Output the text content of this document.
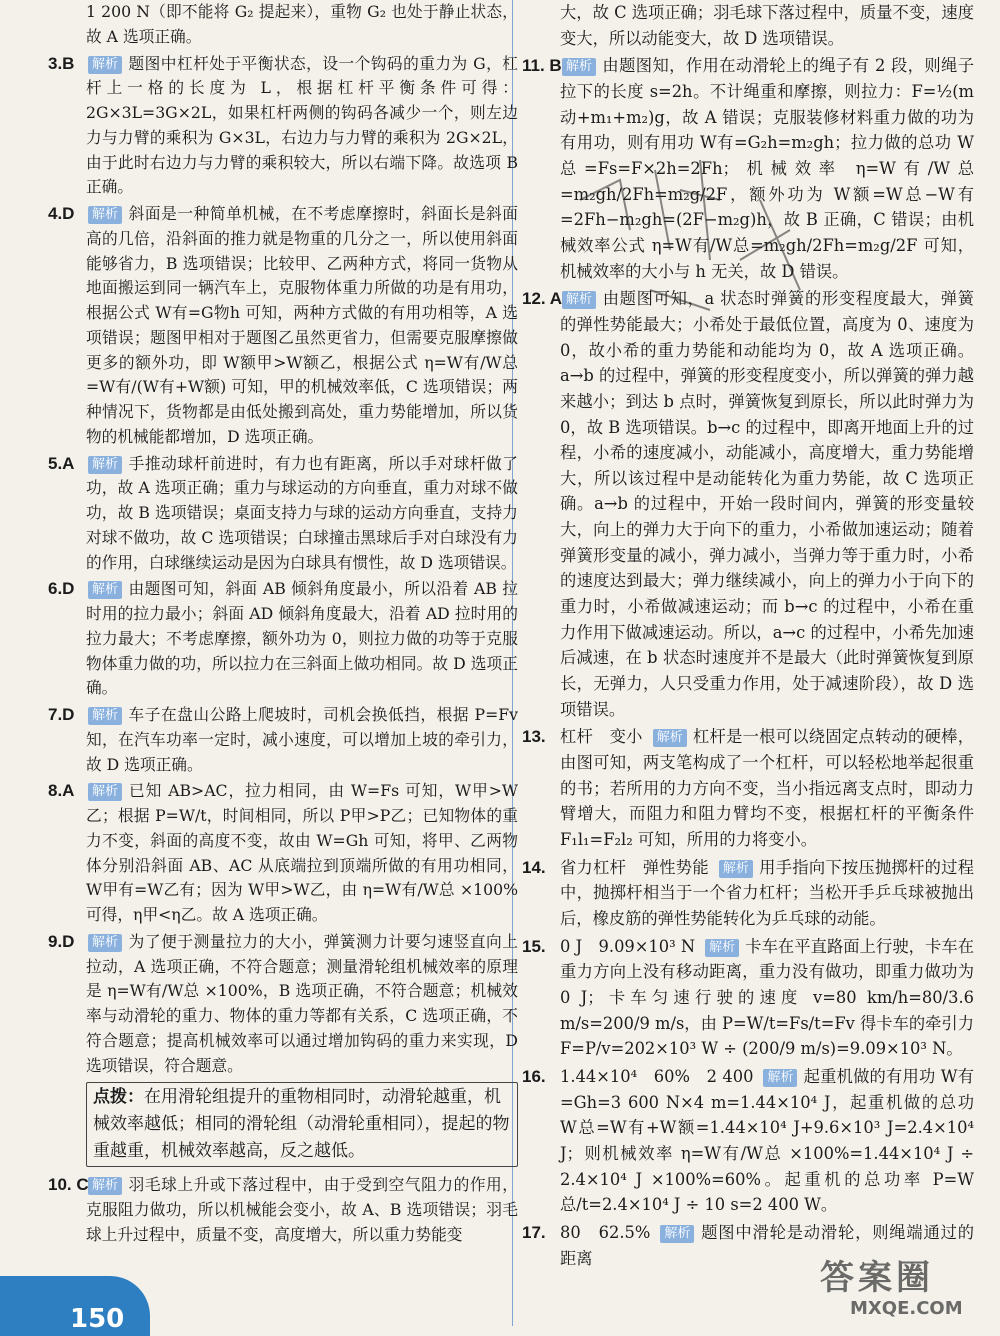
1 200 N（即不能将 G₂ 提起来），重物 G₂ 也处于静止状态，故 A 选项正确。

3.B	解析 题图中杠杆处于平衡状态，设一个钩码的重力为 G，杠杆上一格的长度为 L，根据杠杆平衡条件可得：2G×3L=3G×2L，如果杠杆两侧的钩码各减少一个，则左边力与力臂的乘积为 G×3L，右边力与力臂的乘积为 2G×2L，由于此时右边力与力臂的乘积较大，所以右端下降。故选项 B 正确。

4.D	解析 斜面是一种简单机械，在不考虑摩擦时，斜面长是斜面高的几倍，沿斜面的推力就是物重的几分之一，所以使用斜面能够省力，B 选项错误；比较甲、乙两种方式，将同一货物从地面搬运到同一辆汽车上，克服物体重力所做的功是有用功，根据公式 W有=G物h 可知，两种方式做的有用功相等，A 选项错误；题图甲相对于题图乙虽然更省力，但需要克服摩擦做更多的额外功，即 W额甲>W额乙，根据公式 η=W有/W总=W有/(W有+W额) 可知，甲的机械效率低，C 选项错误；两种情况下，货物都是由低处搬到高处，重力势能增加，所以货物的机械能都增加，D 选项正确。

5.A	解析 手推动球杆前进时，有力也有距离，所以手对球杆做了功，故 A 选项正确；重力与球运动的方向垂直，重力对球不做功，故 B 选项错误；桌面支持力与球的运动方向垂直，支持力对球不做功，故 C 选项错误；白球撞击黑球后手对白球没有力的作用，白球继续运动是因为白球具有惯性，故 D 选项错误。

6.D	解析 由题图可知，斜面 AB 倾斜角度最小，所以沿着 AB 拉时用的拉力最小；斜面 AD 倾斜角度最大，沿着 AD 拉时用的拉力最大；不考虑摩擦，额外功为 0，则拉力做的功等于克服物体重力做的功，所以拉力在三斜面上做功相同。故 D 选项正确。

7.D	解析 车子在盘山公路上爬坡时，司机会换低挡，根据 P=Fv 知，在汽车功率一定时，减小速度，可以增加上坡的牵引力，故 D 选项正确。

8.A	解析 已知 AB>AC，拉力相同，由 W=Fs 可知，W甲>W乙；根据 P=W/t，时间相同，所以 P甲>P乙；已知物体的重力不变，斜面的高度不变，故由 W=Gh 可知，将甲、乙两物体分别沿斜面 AB、AC 从底端拉到顶端所做的有用功相同，W甲有=W乙有；因为 W甲>W乙，由 η=W有/W总 ×100% 可得，η甲<η乙。故 A 选项正确。

9.D	解析 为了便于测量拉力的大小，弹簧测力计要匀速竖直向上拉动，A 选项正确，不符合题意；测量滑轮组机械效率的原理是 η=W有/W总 ×100%，B 选项正确，不符合题意；机械效率与动滑轮的重力、物体的重力等都有关系，C 选项正确，不符合题意；提高机械效率可以通过增加钩码的重力来实现，D 选项错误，符合题意。

点拨：在用滑轮组提升的重物相同时，动滑轮越重，机械效率越低；相同的滑轮组（动滑轮重相同），提起的物重越重，机械效率越高，反之越低。
10. C 解析 羽毛球上升或下落过程中，由于受到空气阻力的作用，克服阻力做功，所以机械能会变小，故 A、B 选项错误；羽毛球上升过程中，质量不变，高度增大，所以重力势能变

大，故 C 选项正确；羽毛球下落过程中，质量不变，速度变大，所以动能变大，故 D 选项错误。

11. B 解析 由题图知，作用在动滑轮上的绳子有 2 段，则绳子拉下的长度 s=2h。不计绳重和摩擦，则拉力：F=½(m动+m₁+m₂)g，故 A 错误；克服装修材料重力做的功为有用功，则有用功 W有=G₂h=m₂gh；拉力做的总功 W总=Fs=F×2h=2Fh；机械效率 η=W有/W总=m₂gh/2Fh=m₂g/2F，额外功为 W额=W总−W有=2Fh−m₂gh=(2F−m₂g)h，故 B 正确，C 错误；由机械效率公式 η=W有/W总=m₂gh/2Fh=m₂g/2F 可知，机械效率的大小与 h 无关，故 D 错误。

12. A 解析 由题图可知，a 状态时弹簧的形变程度最大，弹簧的弹性势能最大；小希处于最低位置，高度为 0、速度为 0，故小希的重力势能和动能均为 0，故 A 选项正确。a→b 的过程中，弹簧的形变程度变小，所以弹簧的弹力越来越小；到达 b 点时，弹簧恢复到原长，所以此时弹力为 0，故 B 选项错误。b→c 的过程中，即离开地面上升的过程，小希的速度减小，动能减小，高度增大，重力势能增大，所以该过程中是动能转化为重力势能，故 C 选项正确。a→b 的过程中，开始一段时间内，弹簧的形变量较大，向上的弹力大于向下的重力，小希做加速运动；随着弹簧形变量的减小，弹力减小，当弹力等于重力时，小希的速度达到最大；弹力继续减小，向上的弹力小于向下的重力时，小希做减速运动；而 b→c 的过程中，小希在重力作用下做减速运动。所以，a→c 的过程中，小希先加速后减速，在 b 状态时速度并不是最大（此时弹簧恢复到原长，无弹力，人只受重力作用，处于减速阶段），故 D 选项错误。

13. 杠杆　变小 解析 杠杆是一根可以绕固定点转动的硬棒，由图可知，两支笔构成了一个杠杆，可以轻松地举起很重的书；若所用的力方向不变，当小指远离支点时，即动力臂增大，而阻力和阻力臂均不变，根据杠杆的平衡条件 F₁l₁=F₂l₂ 可知，所用的力将变小。

14. 省力杠杆　弹性势能 解析 用手指向下按压抛掷杆的过程中，抛掷杆相当于一个省力杠杆；当松开手乒乓球被抛出后，橡皮筋的弹性势能转化为乒乓球的动能。

15. 0 J　9.09×10³ N 解析 卡车在平直路面上行驶，卡车在重力方向上没有移动距离，重力没有做功，即重力做功为 0 J；卡车匀速行驶的速度 v=80 km/h=80/3.6 m/s=200/9 m/s，由 P=W/t=Fs/t=Fv 得卡车的牵引力 F=P/v=202×10³ W ÷ (200/9 m/s)=9.09×10³ N。

16. 1.44×10⁴　60%　2 400 解析 起重机做的有用功 W有=Gh=3 600 N×4 m=1.44×10⁴ J，起重机做的总功 W总=W有+W额=1.44×10⁴ J+9.6×10³ J=2.4×10⁴ J；则机械效率 η=W有/W总 ×100%=1.44×10⁴ J ÷ 2.4×10⁴ J ×100%=60%。起重机的总功率 P=W总/t=2.4×10⁴ J ÷ 10 s=2 400 W。

17. 80　62.5% 解析 题图中滑轮是动滑轮，则绳端通过的距离

150
答案圈
MXQE.COM
